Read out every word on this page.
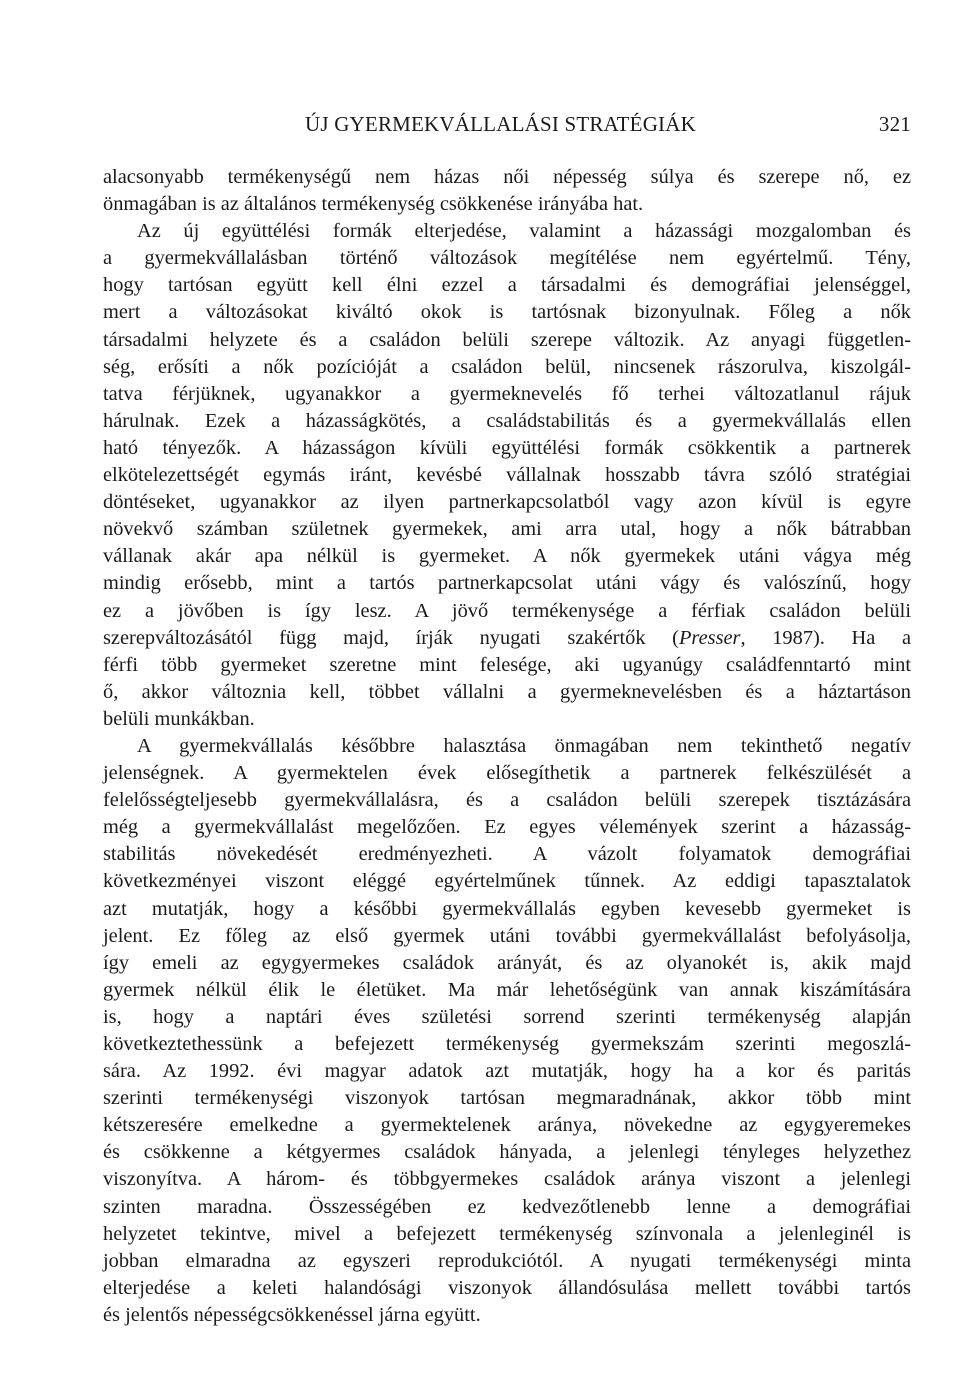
ÚJ GYERMEKVÁLLALÁSI STRATÉGIÁK	321
alacsonyabb termékenységű nem házas női népesség súlya és szerepe nő, ez
önmagában is az általános termékenység csökkenése irányába hat.
Az új együttélési formák elterjedése, valamint a házassági mozgalomban és
a gyermekvállalásban történő változások megítélése nem egyértelmű. Tény,
hogy tartósan együtt kell élni ezzel a társadalmi és demográfiai jelenséggel,
mert a változásokat kiváltó okok is tartósnak bizonyulnak. Főleg a nők
társadalmi helyzete és a családon belüli szerepe változik. Az anyagi független-
ség, erősíti a nők pozícióját a családon belül, nincsenek rászorulva, kiszolgál-
tatva férjüknek, ugyanakkor a gyermeknevelés fő terhei változatlanul rájuk
hárulnak. Ezek a házasságkötés, a családstabilitás és a gyermekvállalás ellen
ható tényezők. A házasságon kívüli együttélési formák csökkentik a partnerek
elkötelezettségét egymás iránt, kevésbé vállalnak hosszabb távra szóló stratégiai
döntéseket, ugyanakkor az ilyen partnerkapcsolatból vagy azon kívül is egyre
növekvő számban születnek gyermekek, ami arra utal, hogy a nők bátrabban
vállanak akár apa nélkül is gyermeket. A nők gyermekek utáni vágya még
mindig erősebb, mint a tartós partnerkapcsolat utáni vágy és valószínű, hogy
ez a jövőben is így lesz. A jövő termékenysége a férfiak családon belüli
szerepváltozásától függ majd, írják nyugati szakértők (Presser, 1987). Ha a
férfi több gyermeket szeretne mint felesége, aki ugyanúgy családfenntartó mint
ő, akkor változnia kell, többet vállalni a gyermeknevelésben és a háztartáson
belüli munkákban.
A gyermekvállalás későbbre halasztása önmagában nem tekinthető negatív
jelenségnek. A gyermektelen évek elősegíthetik a partnerek felkészülését a
felelősségteljesebb gyermekvállalásra, és a családon belüli szerepek tisztázására
még a gyermekvállalást megelőzően. Ez egyes vélemények szerint a házasság-
stabilitás növekedését eredményezheti. A vázolt folyamatok demográfiai
következményei viszont eléggé egyértelműnek tűnnek. Az eddigi tapasztalatok
azt mutatják, hogy a későbbi gyermekvállalás egyben kevesebb gyermeket is
jelent. Ez főleg az első gyermek utáni további gyermekvállalást befolyásolja,
így emeli az egygyermekes családok arányát, és az olyanokét is, akik majd
gyermek nélkül élik le életüket. Ma már lehetőségünk van annak kiszámítására
is, hogy a naptári éves születési sorrend szerinti termékenység alapján
következtethessünk a befejezett termékenység gyermekszám szerinti megoszlá-
sára. Az 1992. évi magyar adatok azt mutatják, hogy ha a kor és paritás
szerinti termékenységi viszonyok tartósan megmaradnának, akkor több mint
kétszeresére emelkedne a gyermektelenek aránya, növekedne az egygyeremekes
és csökkenne a kétgyermes családok hányada, a jelenlegi tényleges helyzethez
viszonyítva. A három- és többgyermekes családok aránya viszont a jelenlegi
szinten maradna. Összességében ez kedvezőtlenebb lenne a demográfiai
helyzetet tekintve, mivel a befejezett termékenység színvonala a jelenleginél is
jobban elmaradna az egyszeri reprodukciótól. A nyugati termékenységi minta
elterjedése a keleti halandósági viszonyok állandósulása mellett további tartós
és jelentős népességcsökkenéssel járna együtt.
